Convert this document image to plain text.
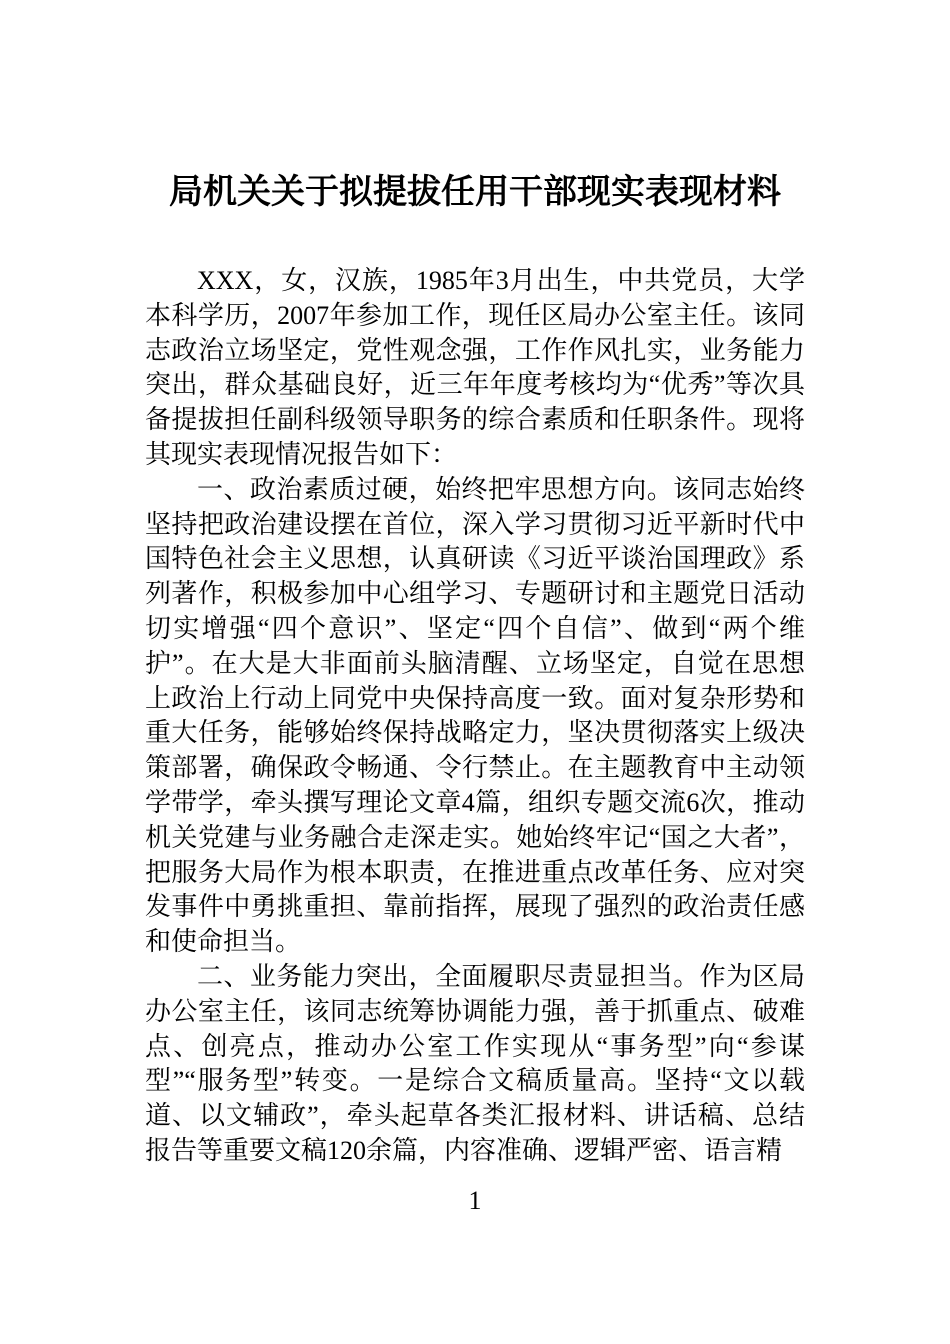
局机关关于拟提拔任用干部现实表现材料

XXX，女，汉族，1985年3月出生，中共党员，大学本科学历，2007年参加工作，现任区局办公室主任。该同志政治立场坚定，党性观念强，工作作风扎实，业务能力突出，群众基础良好，近三年年度考核均为“优秀”等次具备提拔担任副科级领导职务的综合素质和任职条件。现将其现实表现情况报告如下：

一、政治素质过硬，始终把牢思想方向。该同志始终坚持把政治建设摆在首位，深入学习贯彻习近平新时代中国特色社会主义思想，认真研读《习近平谈治国理政》系列著作，积极参加中心组学习、专题研讨和主题党日活动切实增强“四个意识”、坚定“四个自信”、做到“两个维护”。在大是大非面前头脑清醒、立场坚定，自觉在思想上政治上行动上同党中央保持高度一致。面对复杂形势和重大任务，能够始终保持战略定力，坚决贯彻落实上级决策部署，确保政令畅通、令行禁止。在主题教育中主动领学带学，牵头撰写理论文章4篇，组织专题交流6次，推动机关党建与业务融合走深走实。她始终牢记“国之大者”，把服务大局作为根本职责，在推进重点改革任务、应对突发事件中勇挑重担、靠前指挥，展现了强烈的政治责任感和使命担当。

二、业务能力突出，全面履职尽责显担当。作为区局办公室主任，该同志统筹协调能力强，善于抓重点、破难点、创亮点，推动办公室工作实现从“事务型”向“参谋型”“服务型”转变。一是综合文稿质量高。坚持“文以载道、以文辅政”，牵头起草各类汇报材料、讲话稿、总结报告等重要文稿120余篇，内容准确、逻辑严密、语言精

1
